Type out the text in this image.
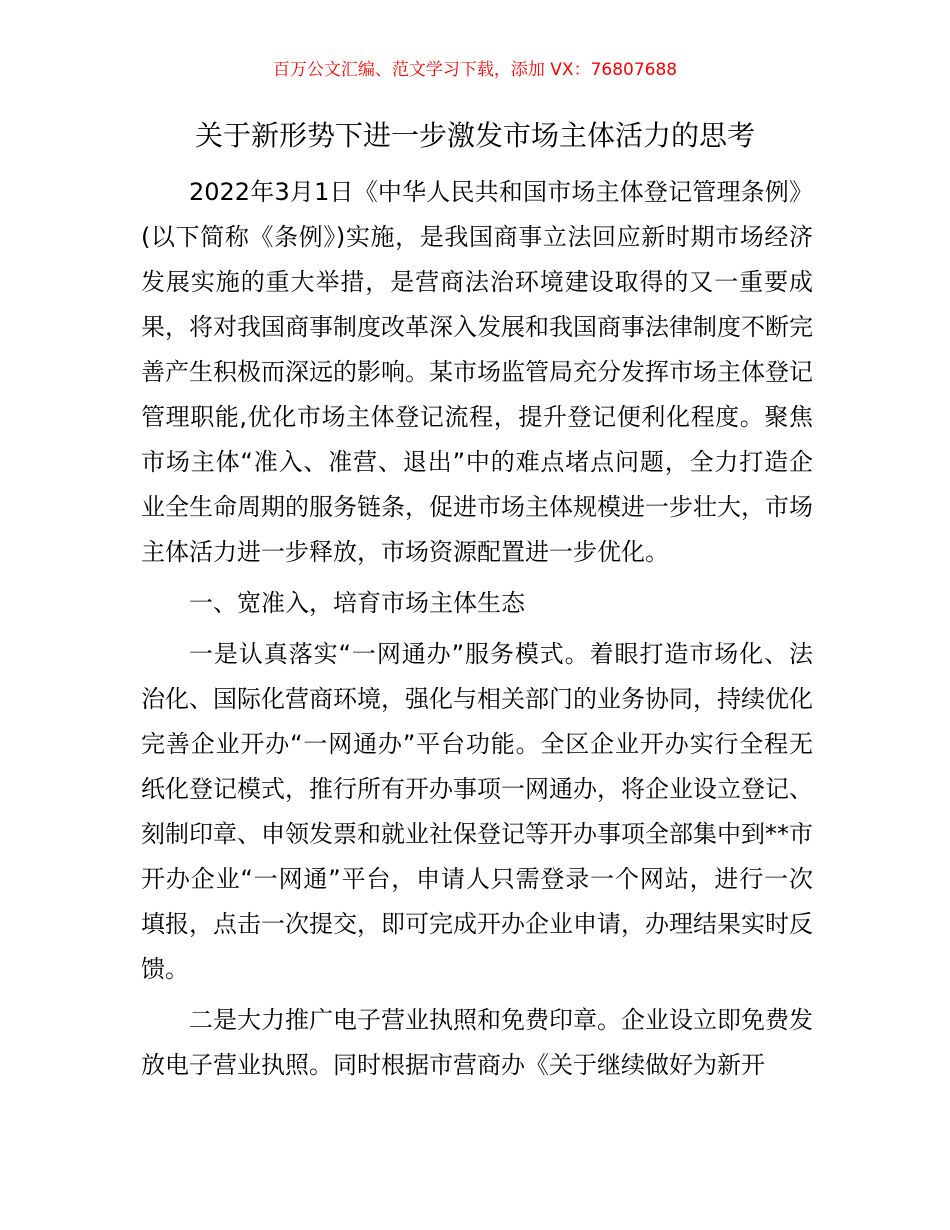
百万公文汇编、范文学习下载，添加 VX：76807688
关于新形势下进一步激发市场主体活力的思考

2022年3月1日《中华人民共和国市场主体登记管理条例》(以下简称《条例》)实施，是我国商事立法回应新时期市场经济发展实施的重大举措，是营商法治环境建设取得的又一重要成果，将对我国商事制度改革深入发展和我国商事法律制度不断完善产生积极而深远的影响。某市场监管局充分发挥市场主体登记管理职能,优化市场主体登记流程，提升登记便利化程度。聚焦市场主体“准入、准营、退出”中的难点堵点问题，全力打造企业全生命周期的服务链条，促进市场主体规模进一步壮大，市场主体活力进一步释放，市场资源配置进一步优化。

一、宽准入，培育市场主体生态

一是认真落实“一网通办”服务模式。着眼打造市场化、法治化、国际化营商环境，强化与相关部门的业务协同，持续优化完善企业开办“一网通办”平台功能。全区企业开办实行全程无纸化登记模式，推行所有开办事项一网通办，将企业设立登记、刻制印章、申领发票和就业社保登记等开办事项全部集中到**市开办企业“一网通”平台，申请人只需登录一个网站，进行一次填报，点击一次提交，即可完成开办企业申请，办理结果实时反馈。

二是大力推广电子营业执照和免费印章。企业设立即免费发放电子营业执照。同时根据市营商办《关于继续做好为新开
